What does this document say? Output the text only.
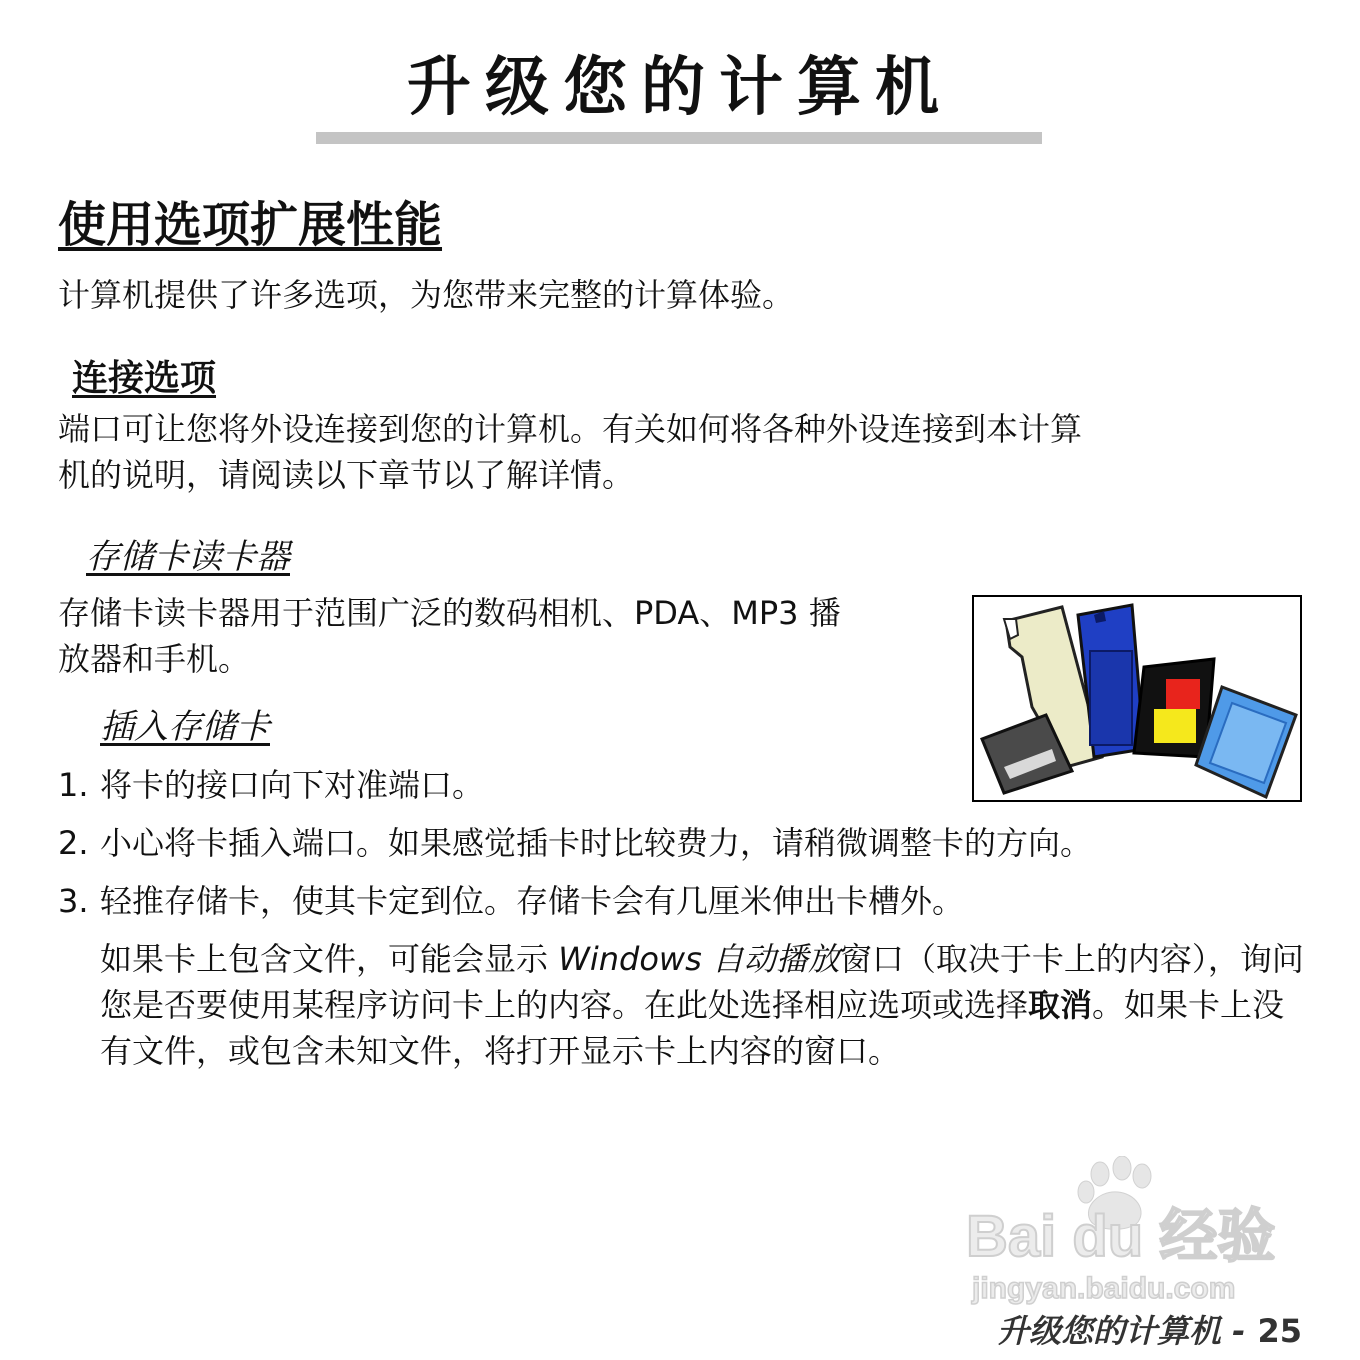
升级您的计算机
使用选项扩展性能
计算机提供了许多选项，为您带来完整的计算体验。
连接选项
端口可让您将外设连接到您的计算机。有关如何将各种外设连接到本计算
机的说明，请阅读以下章节以了解详情。
存储卡读卡器
存储卡读卡器用于范围广泛的数码相机、PDA、MP3 播
放器和手机。
插入存储卡
1. 将卡的接口向下对准端口。
2. 小心将卡插入端口。如果感觉插卡时比较费力，请稍微调整卡的方向。
3. 轻推存储卡，使其卡定到位。存储卡会有几厘米伸出卡槽外。
如果卡上包含文件，可能会显示 Windows 自动播放窗口（取决于卡上的内容），询问您是否要使用某程序访问卡上的内容。在此处选择相应选项或选择取消。如果卡上没有文件，或包含未知文件，将打开显示卡上内容的窗口。
Bai du 经验
jingyan.baidu.com
升级您的计算机 - 25
